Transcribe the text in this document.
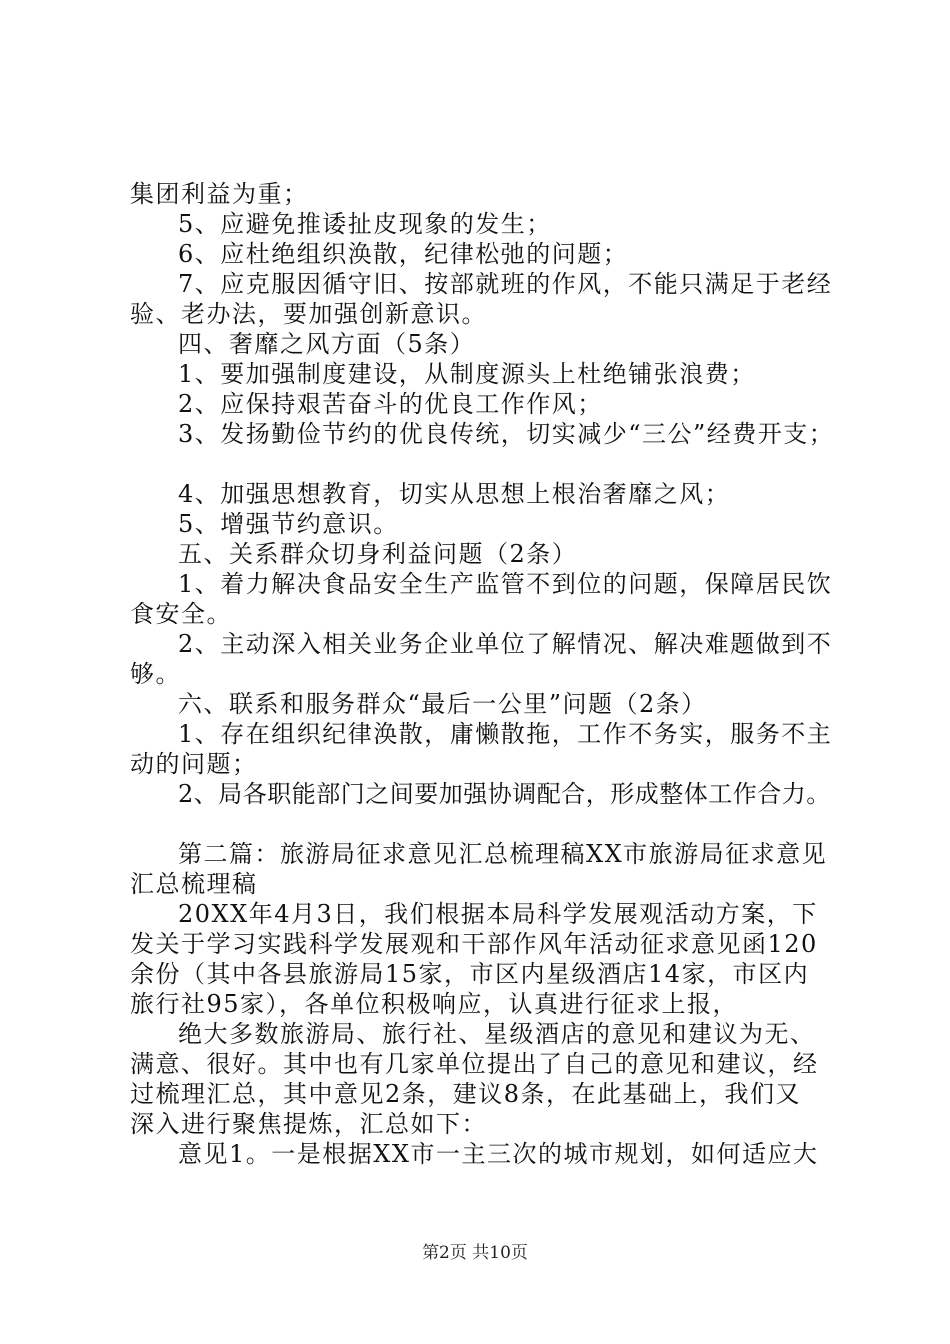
集团利益为重；
5、应避免推诿扯皮现象的发生；
6、应杜绝组织涣散，纪律松弛的问题；
7、应克服因循守旧、按部就班的作风，不能只满足于老经
验、老办法，要加强创新意识。
四、奢靡之风方面（5条）
1、要加强制度建设，从制度源头上杜绝铺张浪费；
2、应保持艰苦奋斗的优良工作作风；
3、发扬勤俭节约的优良传统，切实减少“三公”经费开支；
4、加强思想教育，切实从思想上根治奢靡之风；
5、增强节约意识。
五、关系群众切身利益问题（2条）
1、着力解决食品安全生产监管不到位的问题，保障居民饮
食安全。
2、主动深入相关业务企业单位了解情况、解决难题做到不
够。
六、联系和服务群众“最后一公里”问题（2条）
1、存在组织纪律涣散，庸懒散拖，工作不务实，服务不主
动的问题；
2、局各职能部门之间要加强协调配合，形成整体工作合力。
第二篇：旅游局征求意见汇总梳理稿XX市旅游局征求意见
汇总梳理稿
20XX年4月3日，我们根据本局科学发展观活动方案，下
发关于学习实践科学发展观和干部作风年活动征求意见函120
余份（其中各县旅游局15家，市区内星级酒店14家，市区内
旅行社95家），各单位积极响应，认真进行征求上报，
绝大多数旅游局、旅行社、星级酒店的意见和建议为无、
满意、很好。其中也有几家单位提出了自己的意见和建议，经
过梳理汇总，其中意见2条，建议8条，在此基础上，我们又
深入进行聚焦提炼，汇总如下：
意见1。一是根据XX市一主三次的城市规划，如何适应大
第2页 共10页
